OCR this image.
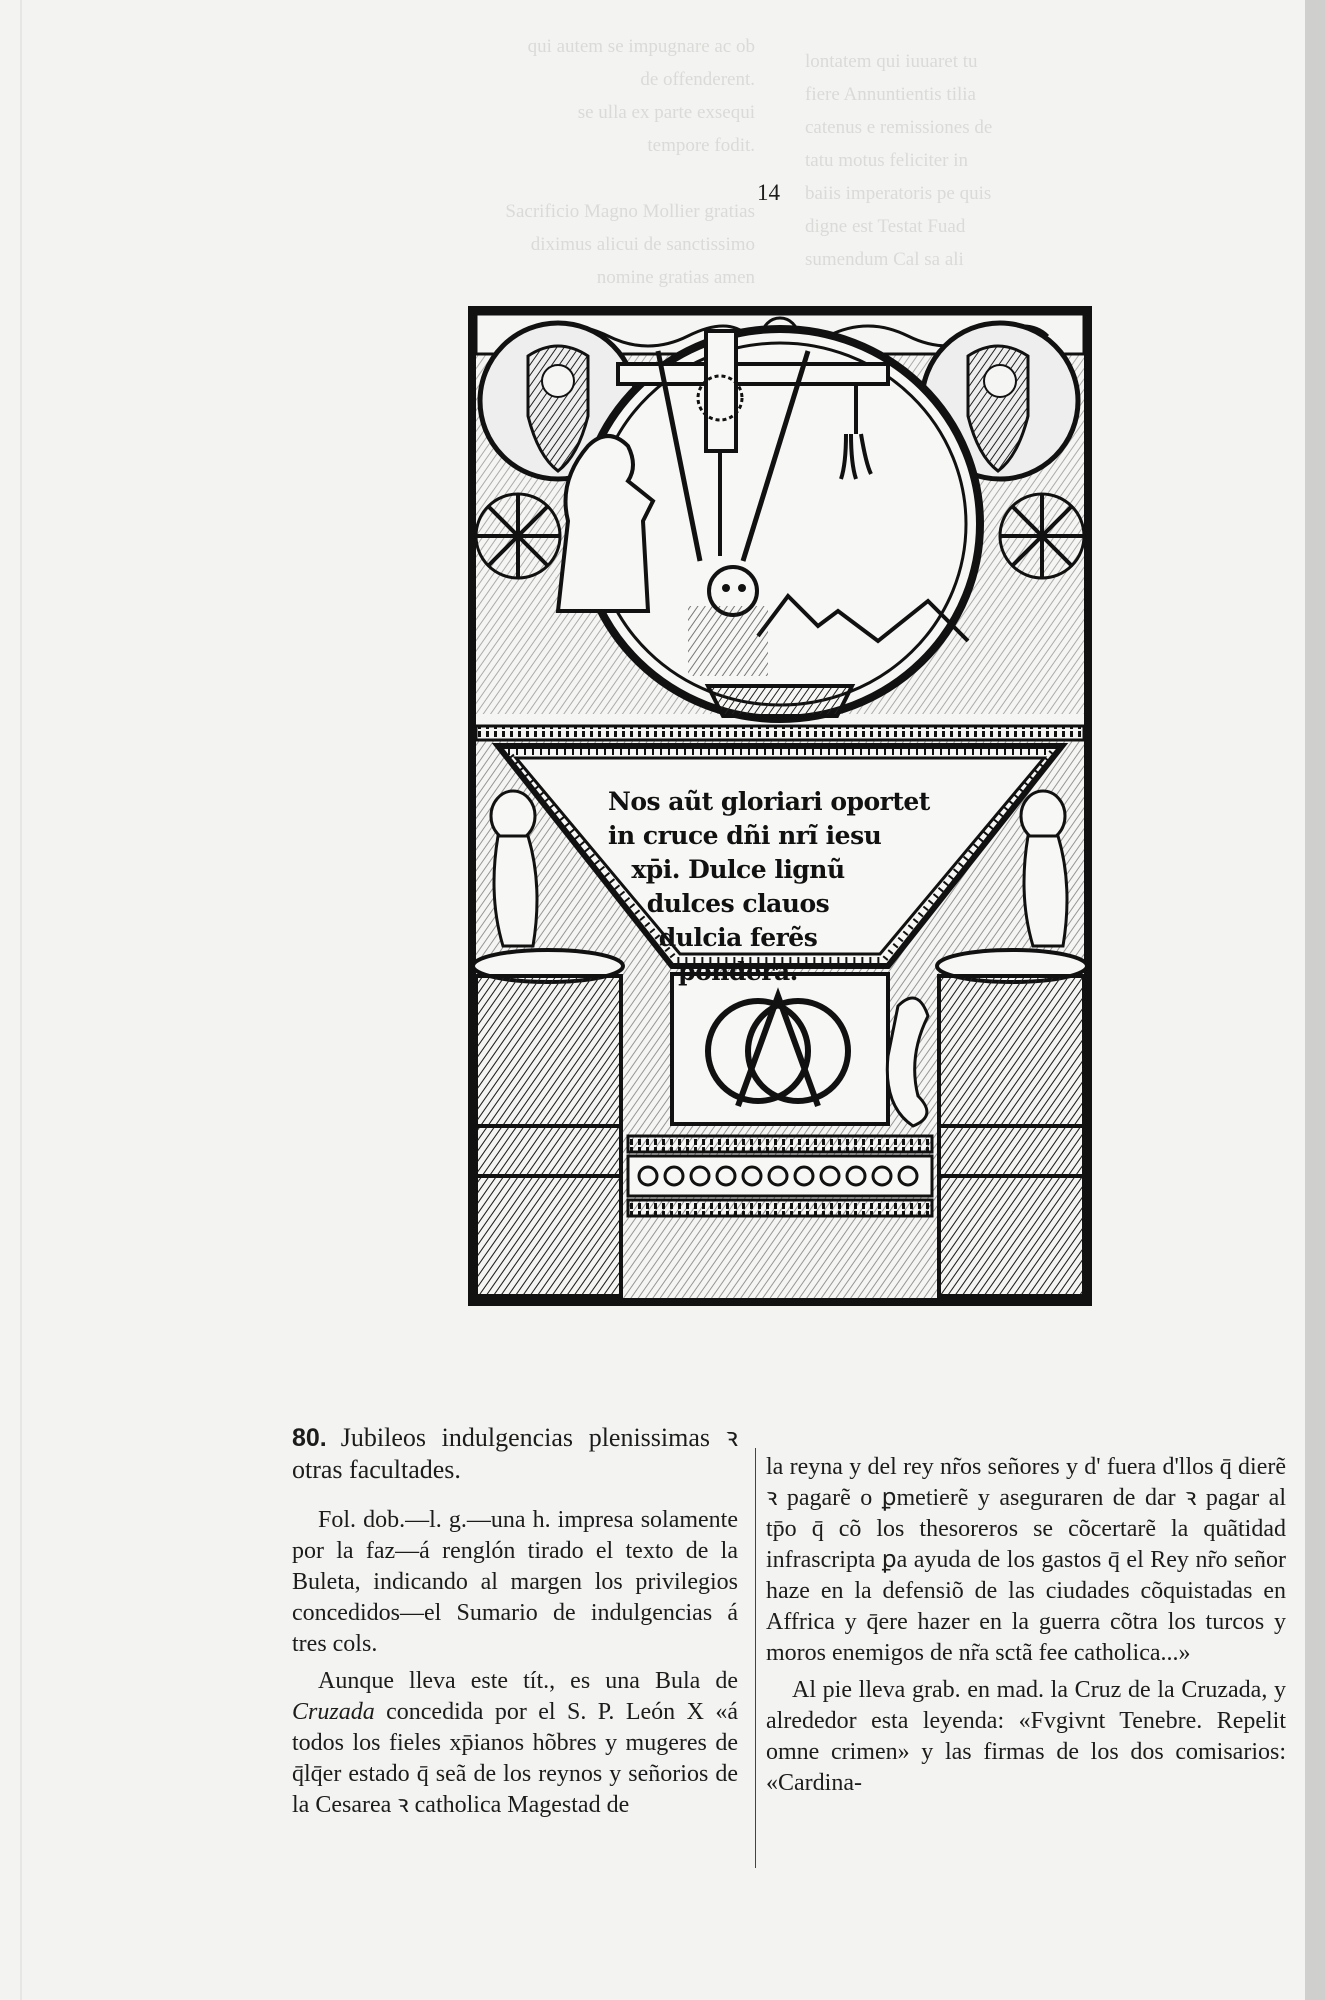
qui autem se impugnare ac ob
de offenderent.
se ulla ex parte exsequi
tempore fodit.

Sacrificio Magno Mollier gratias
diximus alicui de sanctissimo
nomine gratias amen
lontatem qui iuuaret tu
fiere Annuntientis tilia
catenus e remissiones de
tatu motus feliciter in
baiis imperatoris pe quis
digne est Testat Fuad
sumendum Cal sa ali
14
Nos aũt gloriari oportet
in cruce dñi nrĩ iesu
xp̄i. Dulce lignũ
dulces clauos
dulcia ferẽs
pondera.

80. Jubileos indulgencias plenissimas ꝛ otras facultades.

Fol. dob.—l. g.—una h. impresa solamente por la faz—á renglón tirado el texto de la Buleta, indicando al margen los privilegios concedidos—el Sumario de indulgencias á tres cols.

Aunque lleva este tít., es una Bula de Cruzada concedida por el S. P. León X «á todos los fieles xp̄ianos hõbres y mugeres de q̄lq̄er estado q̄ seã de los reynos y señorios de la Cesarea ꝛ catholica Magestad de

la reyna y del rey nr̃os señores y d' fuera d'llos q̄ dierẽ ꝛ pagarẽ o ꝑmetierẽ y aseguraren de dar ꝛ pagar al tp̄o q̄ cõ los thesoreros se cõcertarẽ la quãtidad infrascripta ꝑa ayuda de los gastos q̄ el Rey nr̃o señor haze en la defensiõ de las ciudades cõquistadas en Affrica y q̄ere hazer en la guerra cõtra los turcos y moros enemigos de nr̃a sctã fee catholica...»

Al pie lleva grab. en mad. la Cruz de la Cruzada, y alrededor esta leyenda: «Fvgivnt Tenebre. Repelit omne crimen» y las firmas de los dos comisarios: «Cardina-
